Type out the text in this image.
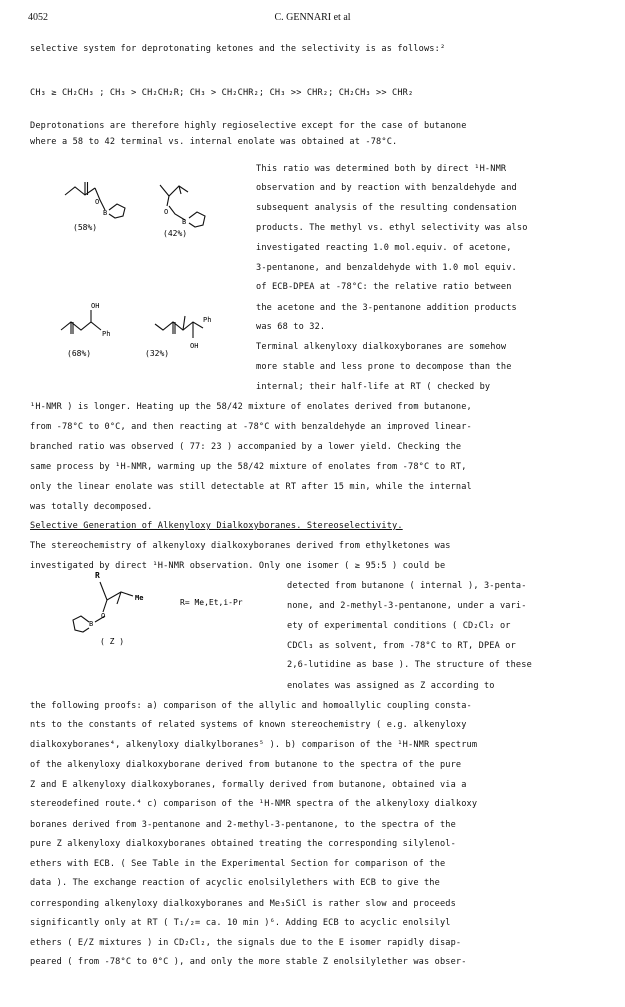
4052	C. GENNARI et al
selective system for deprotonating ketones and the selectivity is as follows:²
CH₃ ≥ CH₂CH₃ ; CH₃ > CH₂CH₂R; CH₃ > CH₂CHR₂; CH₃ >> CHR₂; CH₂CH₃ >> CHR₂
Deprotonations are therefore highly regioselective except for the case of butanone
where a 58 to 42 terminal vs. internal enolate was obtained at -78°C.
This ratio was determined both by direct ¹H-NMR
observation and by reaction with benzaldehyde and
subsequent analysis of the resulting condensation
products. The methyl vs. ethyl selectivity was also
investigated reacting 1.0 mol.equiv. of acetone,
3-pentanone, and benzaldehyde with 1.0 mol equiv.
of ECB-DPEA at -78°C: the relative ratio between
the acetone and the 3-pentanone addition products
was 68 to 32.
Terminal alkenyloxy dialkoxyboranes are somehow
more stable and less prone to decompose than the
internal; their half-life at RT ( checked by
¹H-NMR ) is longer. Heating up the 58/42 mixture of enolates derived from butanone,
from -78°C to 0°C, and then reacting at -78°C with benzaldehyde an improved linear-
branched ratio was observed ( 77: 23 ) accompanied by a lower yield. Checking the
same process by ¹H-NMR, warming up the 58/42 mixture of enolates from -78°C to RT,
only the linear enolate was still detectable at RT after 15 min, while the internal
was totally decomposed.
Selective Generation of Alkenyloxy Dialkoxyboranes. Stereoselectivity.
The stereochemistry of alkenyloxy dialkoxyboranes derived from ethylketones was
investigated by direct ¹H-NMR observation. Only one isomer ( ≥ 95:5 ) could be
detected from butanone ( internal ), 3-penta-
none, and 2-methyl-3-pentanone, under a vari-
ety of experimental conditions ( CD₂Cl₂ or
CDCl₃ as solvent, from -78°C to RT, DPEA or
2,6-lutidine as base ). The structure of these
enolates was assigned as Z according to
the following proofs: a) comparison of the allylic and homoallylic coupling consta-
nts to the constants of related systems of known stereochemistry ( e.g. alkenyloxy
dialkoxyboranes⁴, alkenyloxy dialkylboranes⁵ ). b) comparison of the ¹H-NMR spectrum
of the alkenyloxy dialkoxyborane derived from butanone to the spectra of the pure
Z and E alkenyloxy dialkoxyboranes, formally derived from butanone, obtained via a
stereodefined route.⁴ c) comparison of the ¹H-NMR spectra of the alkenyloxy dialkoxy
boranes derived from 3-pentanone and 2-methyl-3-pentanone, to the spectra of the
pure Z alkenyloxy dialkoxyboranes obtained treating the corresponding silylenol-
ethers with ECB. ( See Table in the Experimental Section for comparison of the
data ). The exchange reaction of acyclic enolsilylethers with ECB to give the
corresponding alkenyloxy dialkoxyboranes and Me₃SiCl is rather slow and proceeds
significantly only at RT ( T₁/₂= ca. 10 min )⁶. Adding ECB to acyclic enolsilyl
ethers ( E/Z mixtures ) in CD₂Cl₂, the signals due to the E isomer rapidly disap-
peared ( from -78°C to 0°C ), and only the more stable Z enolsilylether was obser-
O
B
(58%)
O
B
(42%)
OH
Ph
(68%)
OH
Ph
(32%)
R
Me
O
B
R= Me,Et,i-Pr
( Z )
